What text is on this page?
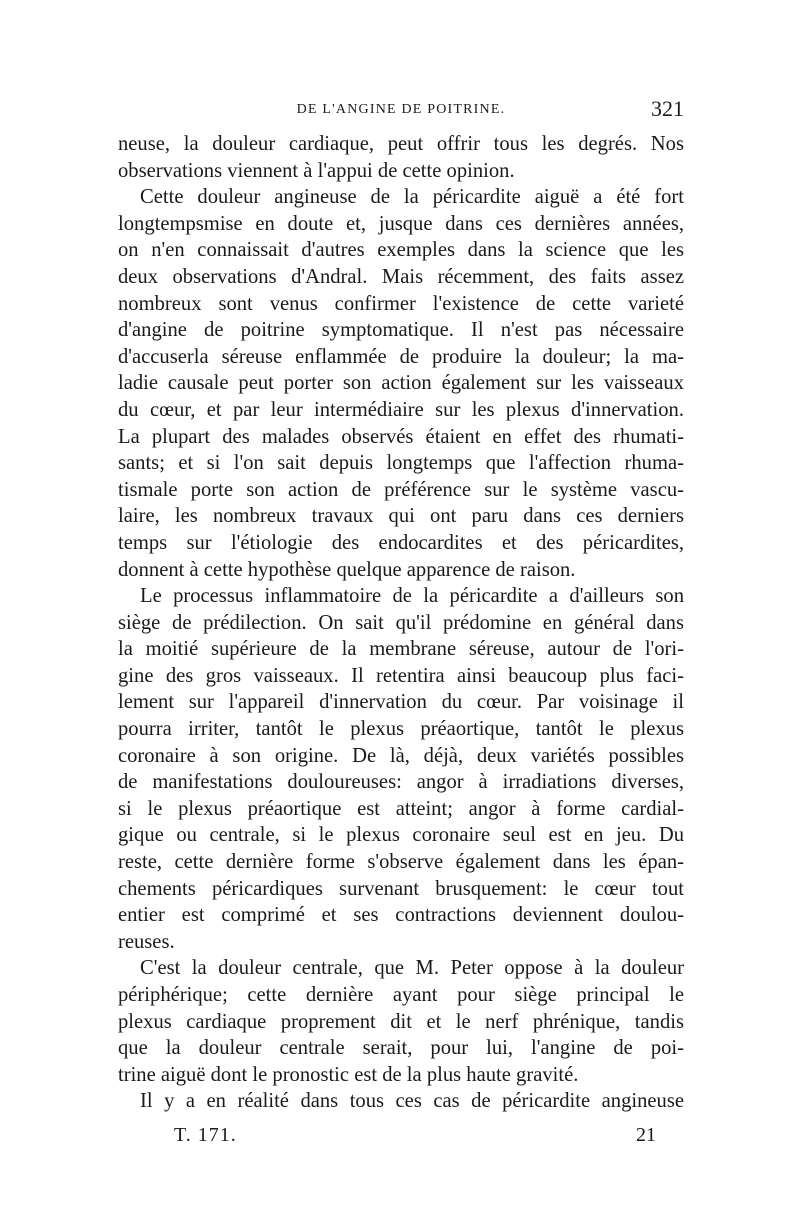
DE L'ANGINE DE POITRINE.	321
neuse, la douleur cardiaque, peut offrir tous les degrés. Nos
observations viennent à l'appui de cette opinion.
Cette douleur angineuse de la péricardite aiguë a été fort
longtempsmise en doute et, jusque dans ces dernières années,
on n'en connaissait d'autres exemples dans la science que les
deux observations d'Andral. Mais récemment, des faits assez
nombreux sont venus confirmer l'existence de cette varieté
d'angine de poitrine symptomatique. Il n'est pas nécessaire
d'accuserla séreuse enflammée de produire la douleur; la ma-
ladie causale peut porter son action également sur les vaisseaux
du cœur, et par leur intermédiaire sur les plexus d'innervation.
La plupart des malades observés étaient en effet des rhumati-
sants; et si l'on sait depuis longtemps que l'affection rhuma-
tismale porte son action de préférence sur le système vascu-
laire, les nombreux travaux qui ont paru dans ces derniers
temps sur l'étiologie des endocardites et des péricardites,
donnent à cette hypothèse quelque apparence de raison.
Le processus inflammatoire de la péricardite a d'ailleurs son
siège de prédilection. On sait qu'il prédomine en général dans
la moitié supérieure de la membrane séreuse, autour de l'ori-
gine des gros vaisseaux. Il retentira ainsi beaucoup plus faci-
lement sur l'appareil d'innervation du cœur. Par voisinage il
pourra irriter, tantôt le plexus préaortique, tantôt le plexus
coronaire à son origine. De là, déjà, deux variétés possibles
de manifestations douloureuses: angor à irradiations diverses,
si le plexus préaortique est atteint; angor à forme cardial-
gique ou centrale, si le plexus coronaire seul est en jeu. Du
reste, cette dernière forme s'observe également dans les épan-
chements péricardiques survenant brusquement: le cœur tout
entier est comprimé et ses contractions deviennent doulou-
reuses.
C'est la douleur centrale, que M. Peter oppose à la douleur
périphérique; cette dernière ayant pour siège principal le
plexus cardiaque proprement dit et le nerf phrénique, tandis
que la douleur centrale serait, pour lui, l'angine de poi-
trine aiguë dont le pronostic est de la plus haute gravité.
Il y a en réalité dans tous ces cas de péricardite angineuse
T. 171.	21
